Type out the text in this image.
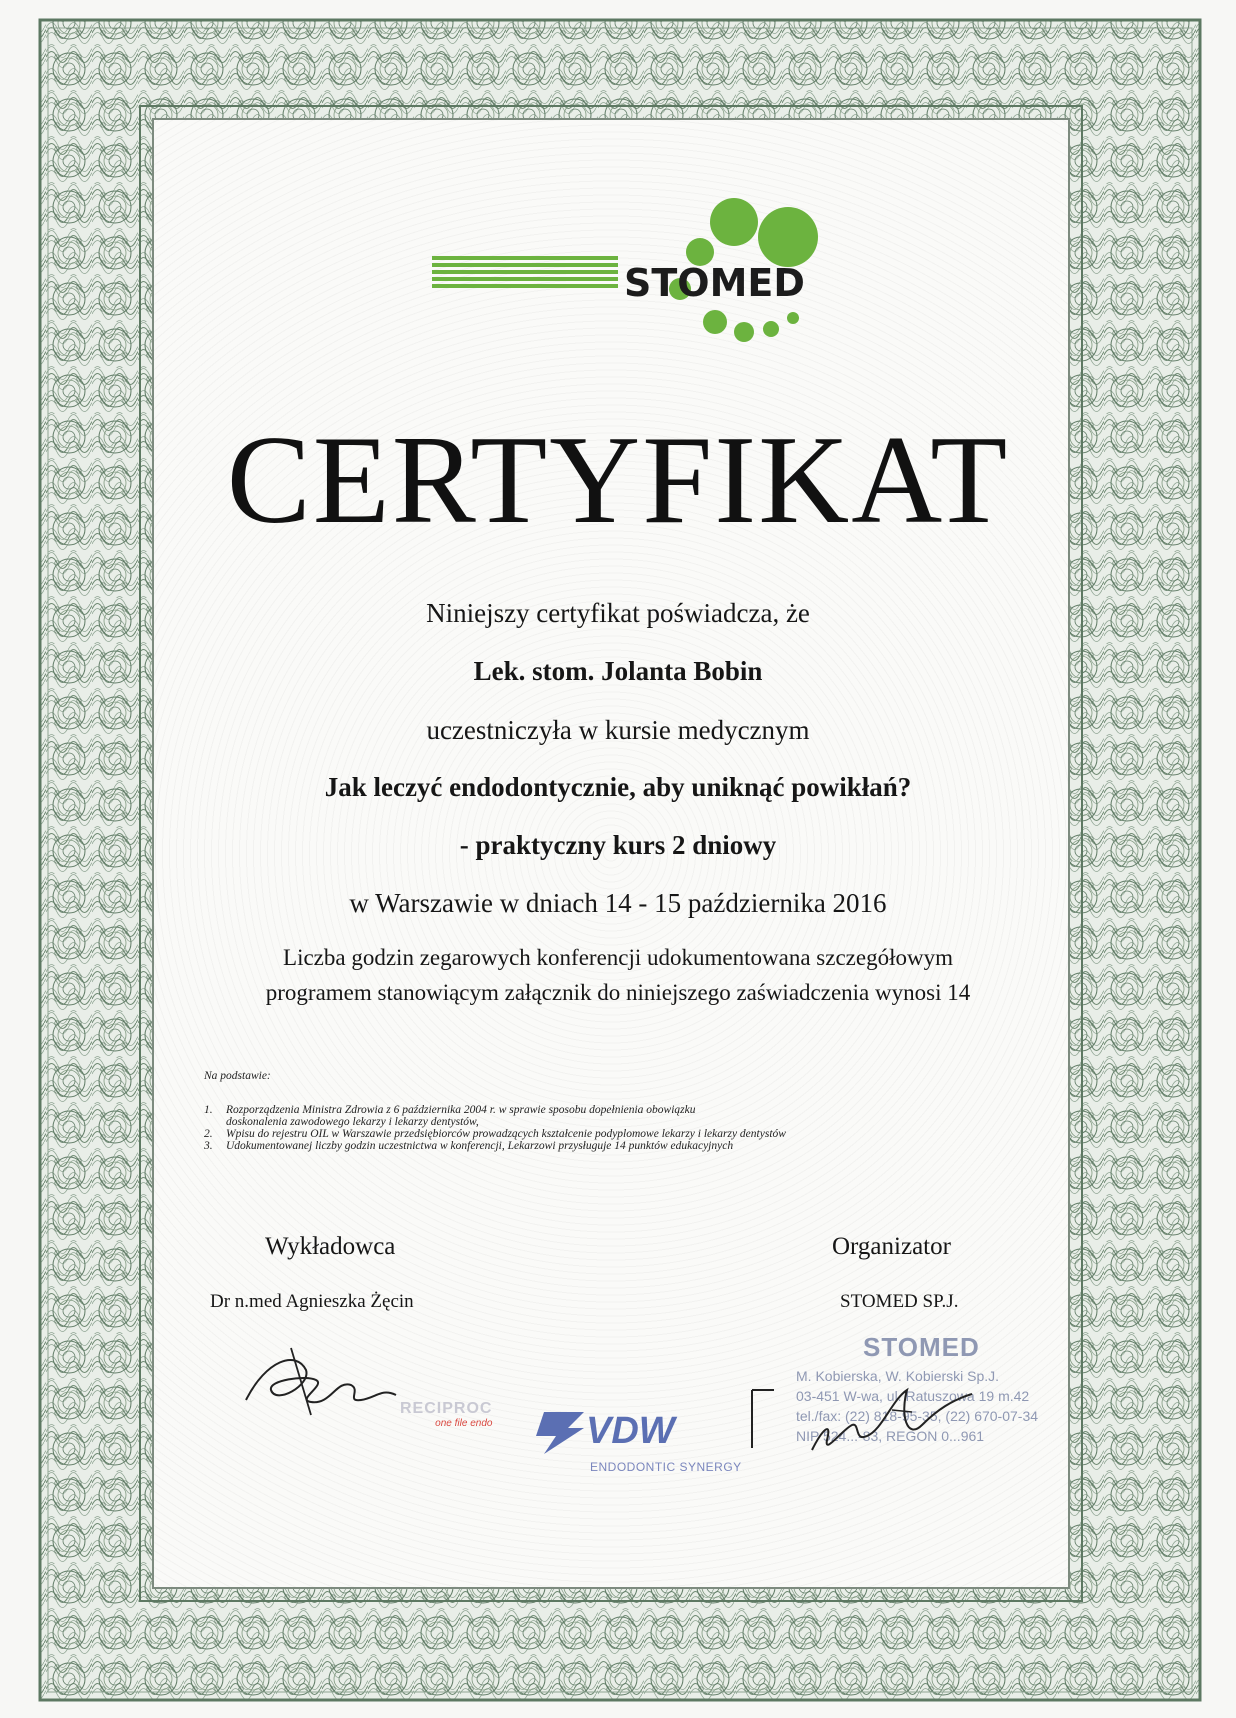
STOMED
CERTYFIKAT
Niniejszy certyfikat poświadcza, że
Lek. stom. Jolanta Bobin
uczestniczyła w kursie medycznym
Jak leczyć endodontycznie, aby uniknąć powikłań?
- praktyczny kurs 2 dniowy
w Warszawie w dniach 14 - 15 października 2016
Liczba godzin zegarowych konferencji udokumentowana szczegółowym
programem stanowiącym załącznik do niniejszego zaświadczenia wynosi 14
Na podstawie:
1.	Rozporządzenia Ministra Zdrowia z 6 października 2004 r. w sprawie sposobu dopełnienia obowiązku
doskonalenia zawodowego lekarzy i lekarzy dentystów,
2.	Wpisu do rejestru OIL w Warszawie przedsiębiorców prowadzących kształcenie podyplomowe lekarzy i lekarzy dentystów
3.	Udokumentowanej liczby godzin uczestnictwa w konferencji, Lekarzowi przysługuje 14 punktów edukacyjnych
Wykładowca
Dr n.med Agnieszka Żęcin
Organizator
STOMED SP.J.
RECIPROC
one file endo VDW
ENDODONTIC SYNERGY
STOMED
M. Kobierska, W. Kobierski Sp.J.
03-451 W-wa, ul. Ratuszowa 19 m.42
tel./fax: (22) 818-95-35, (22) 670-07-34
NIP 524...-83, REGON 0...961
